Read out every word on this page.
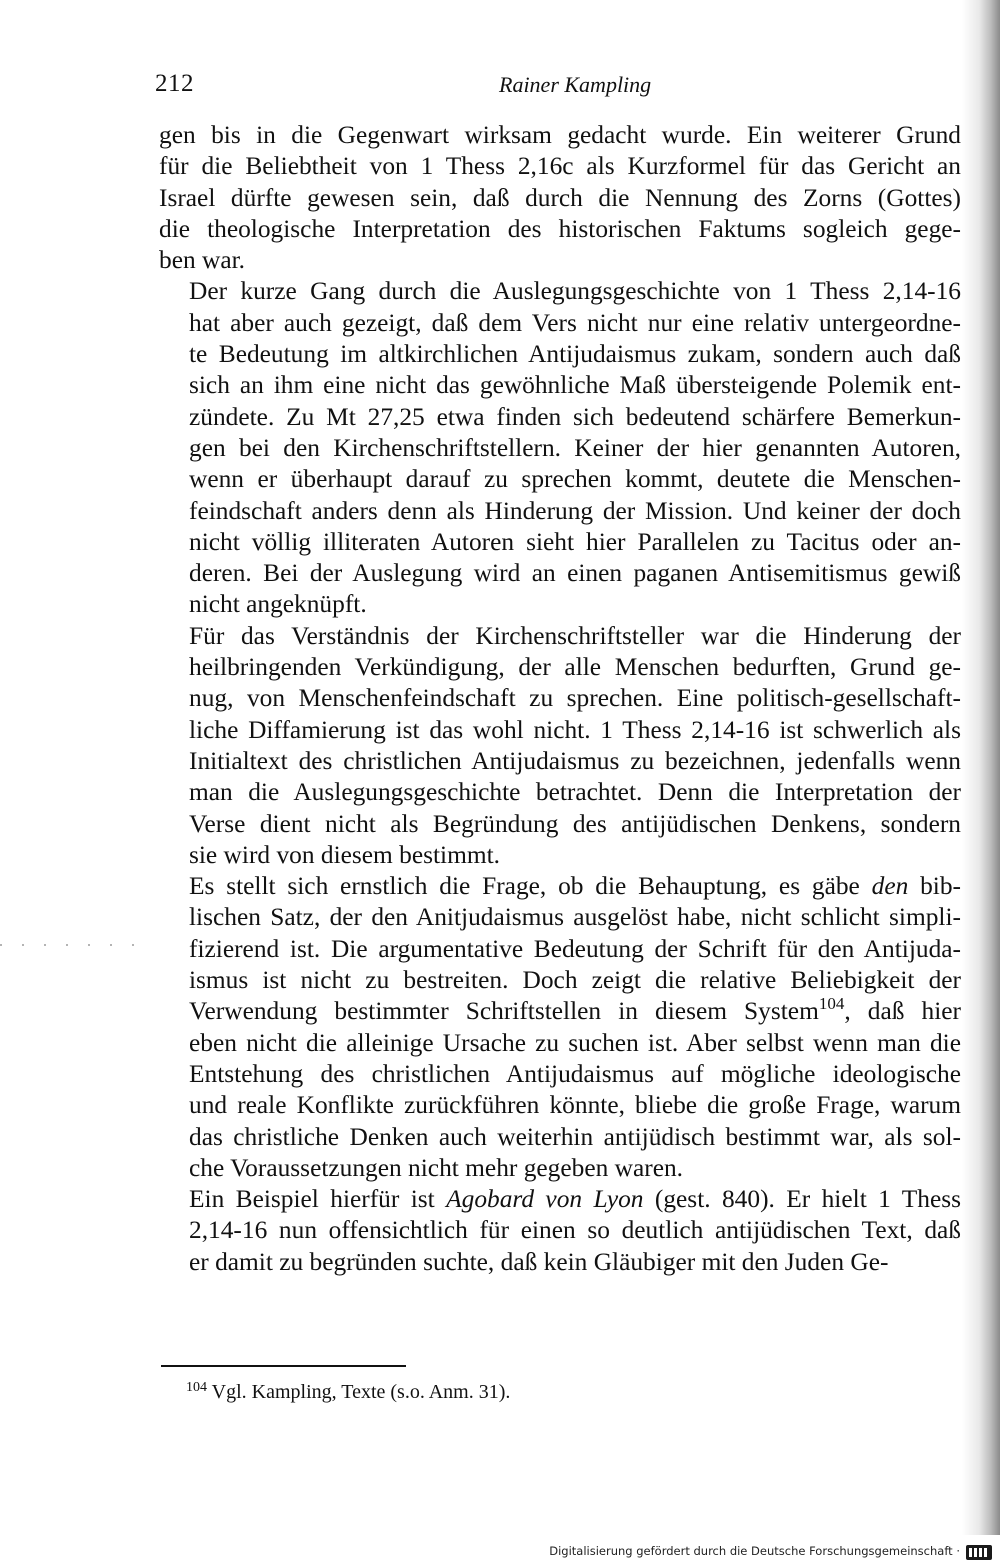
212	Rainer Kampling

gen bis in die Gegenwart wirksam gedacht wurde. Ein weiterer Grund
für die Beliebtheit von 1 Thess 2,16c als Kurzformel für das Gericht an
Israel dürfte gewesen sein, daß durch die Nennung des Zorns (Gottes)
die theologische Interpretation des historischen Faktums sogleich gege-
ben war.

Der kurze Gang durch die Auslegungsgeschichte von 1 Thess 2,14-16
hat aber auch gezeigt, daß dem Vers nicht nur eine relativ untergeordne-
te Bedeutung im altkirchlichen Antijudaismus zukam, sondern auch daß
sich an ihm eine nicht das gewöhnliche Maß übersteigende Polemik ent-
zündete. Zu Mt 27,25 etwa finden sich bedeutend schärfere Bemerkun-
gen bei den Kirchenschriftstellern. Keiner der hier genannten Autoren,
wenn er überhaupt darauf zu sprechen kommt, deutete die Menschen-
feindschaft anders denn als Hinderung der Mission. Und keiner der doch
nicht völlig illiteraten Autoren sieht hier Parallelen zu Tacitus oder an-
deren. Bei der Auslegung wird an einen paganen Antisemitismus gewiß
nicht angeknüpft.

Für das Verständnis der Kirchenschriftsteller war die Hinderung der
heilbringenden Verkündigung, der alle Menschen bedurften, Grund ge-
nug, von Menschenfeindschaft zu sprechen. Eine politisch-gesellschaft-
liche Diffamierung ist das wohl nicht. 1 Thess 2,14-16 ist schwerlich als
Initialtext des christlichen Antijudaismus zu bezeichnen, jedenfalls wenn
man die Auslegungsgeschichte betrachtet. Denn die Interpretation der
Verse dient nicht als Begründung des antijüdischen Denkens, sondern
sie wird von diesem bestimmt.

Es stellt sich ernstlich die Frage, ob die Behauptung, es gäbe den bib-
lischen Satz, der den Anitjudaismus ausgelöst habe, nicht schlicht simpli-
fizierend ist. Die argumentative Bedeutung der Schrift für den Antijuda-
ismus ist nicht zu bestreiten. Doch zeigt die relative Beliebigkeit der
Verwendung bestimmter Schriftstellen in diesem System$^{104}$, daß hier
eben nicht die alleinige Ursache zu suchen ist. Aber selbst wenn man die
Entstehung des christlichen Antijudaismus auf mögliche ideologische
und reale Konflikte zurückführen könnte, bliebe die große Frage, warum
das christliche Denken auch weiterhin antijüdisch bestimmt war, als sol-
che Voraussetzungen nicht mehr gegeben waren.

Ein Beispiel hierfür ist Agobard von Lyon (gest. 840). Er hielt 1 Thess
2,14-16 nun offensichtlich für einen so deutlich antijüdischen Text, daß
er damit zu begründen suchte, daß kein Gläubiger mit den Juden Ge-

$^{104}$ Vgl. Kampling, Texte (s.o. Anm. 31).
Digitalisierung gefördert durch die Deutsche Forschungsgemeinschaft ·
